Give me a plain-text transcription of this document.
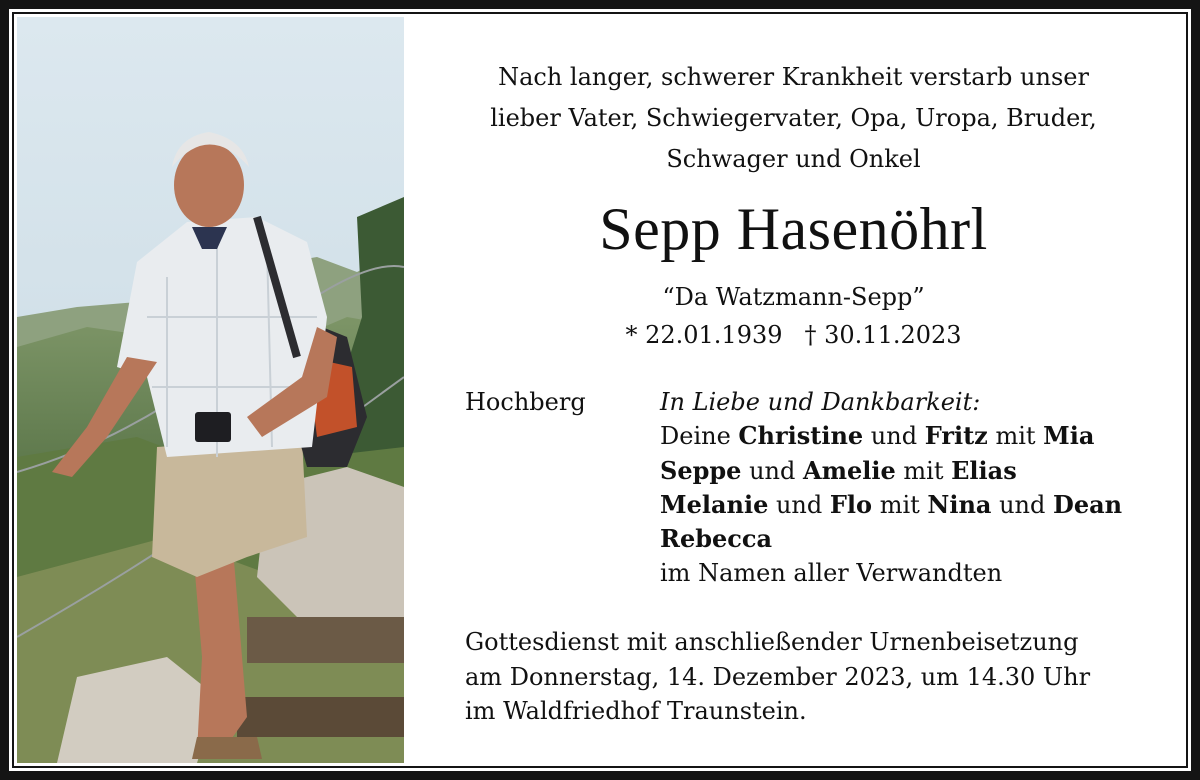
Nach langer, schwerer Krankheit verstarb unser
lieber Vater, Schwiegervater, Opa, Uropa, Bruder,
Schwager und Onkel
Sepp Hasenöhrl
“Da Watzmann-Sepp”
* 22.01.1939 † 30.11.2023
Hochberg	In Liebe und Dankbarkeit:
Deine Christine und Fritz mit Mia
Seppe und Amelie mit Elias
Melanie und Flo mit Nina und Dean
Rebecca
im Namen aller Verwandten
Gottesdienst mit anschließender Urnenbeisetzung
am Donnerstag, 14. Dezember 2023, um 14.30 Uhr
im Waldfriedhof Traunstein.
